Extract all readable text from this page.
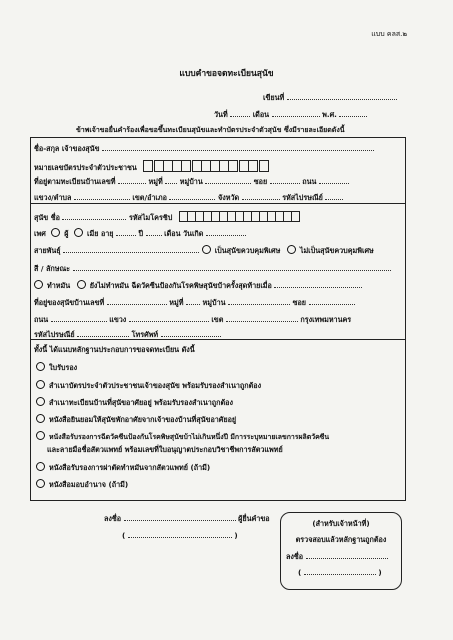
แบบ คลส.๒
แบบคำขอจดทะเบียนสุนัข
เขียนที่
วันที่	เดือน	พ.ศ.
ข้าพเจ้าขอยื่นคำร้องเพื่อขอขึ้นทะเบียนสุนัขและทำบัตรประจำตัวสุนัข ซึ่งมีรายละเอียดดังนี้
ชื่อ-สกุล เจ้าของสุนัข
หมายเลขบัตรประจำตัวประชาชน
ที่อยู่ตามทะเบียนบ้านเลขที่	หมู่ที่ หมู่บ้าน	ซอย	ถนน
แขวง/ตำบล	เขต/อำเภอ	จังหวัด	รหัสไปรษณีย์
สุนัข ชื่อ	รหัสไมโครชิป
เพศ	ผู้	เมีย อายุ	ปี	เดือน วันเกิด
สายพันธุ์	เป็นสุนัขควบคุมพิเศษ	ไม่เป็นสุนัขควบคุมพิเศษ
สี / ลักษณะ
ทำหมัน	ยังไม่ทำหมัน ฉีดวัคซีนป้องกันโรคพิษสุนัขบ้าครั้งสุดท้ายเมื่อ
ที่อยู่ของสุนัขบ้านเลขที่	หมู่ที่	หมู่บ้าน	ซอย
ถนน	แขวง	เขต	กรุงเทพมหานคร
รหัสไปรษณีย์	โทรศัพท์
ทั้งนี้ ได้แนบหลักฐานประกอบการขอจดทะเบียน ดังนี้
ใบรับรอง
สำเนาบัตรประจำตัวประชาชนเจ้าของสุนัข พร้อมรับรองสำเนาถูกต้อง
สำเนาทะเบียนบ้านที่สุนัขอาศัยอยู่ พร้อมรับรองสำเนาถูกต้อง
หนังสือยินยอมให้สุนัขพักอาศัยจากเจ้าของบ้านที่สุนัขอาศัยอยู่
หนังสือรับรองการฉีดวัคซีนป้องกันโรคพิษสุนัขบ้าไม่เกินหนึ่งปี มีการระบุหมายเลขการผลิตวัคซีน
และลายมือชื่อสัตวแพทย์ พร้อมเลขที่ใบอนุญาตประกอบวิชาชีพการสัตวแพทย์
หนังสือรับรองการผ่าตัดทำหมันจากสัตวแพทย์ (ถ้ามี)
หนังสือมอบอำนาจ (ถ้ามี)
ลงชื่อ	ผู้ยื่นคำขอ
(	)
(สำหรับเจ้าหน้าที่)
ตรวจสอบแล้วหลักฐานถูกต้อง
ลงชื่อ
(	)
